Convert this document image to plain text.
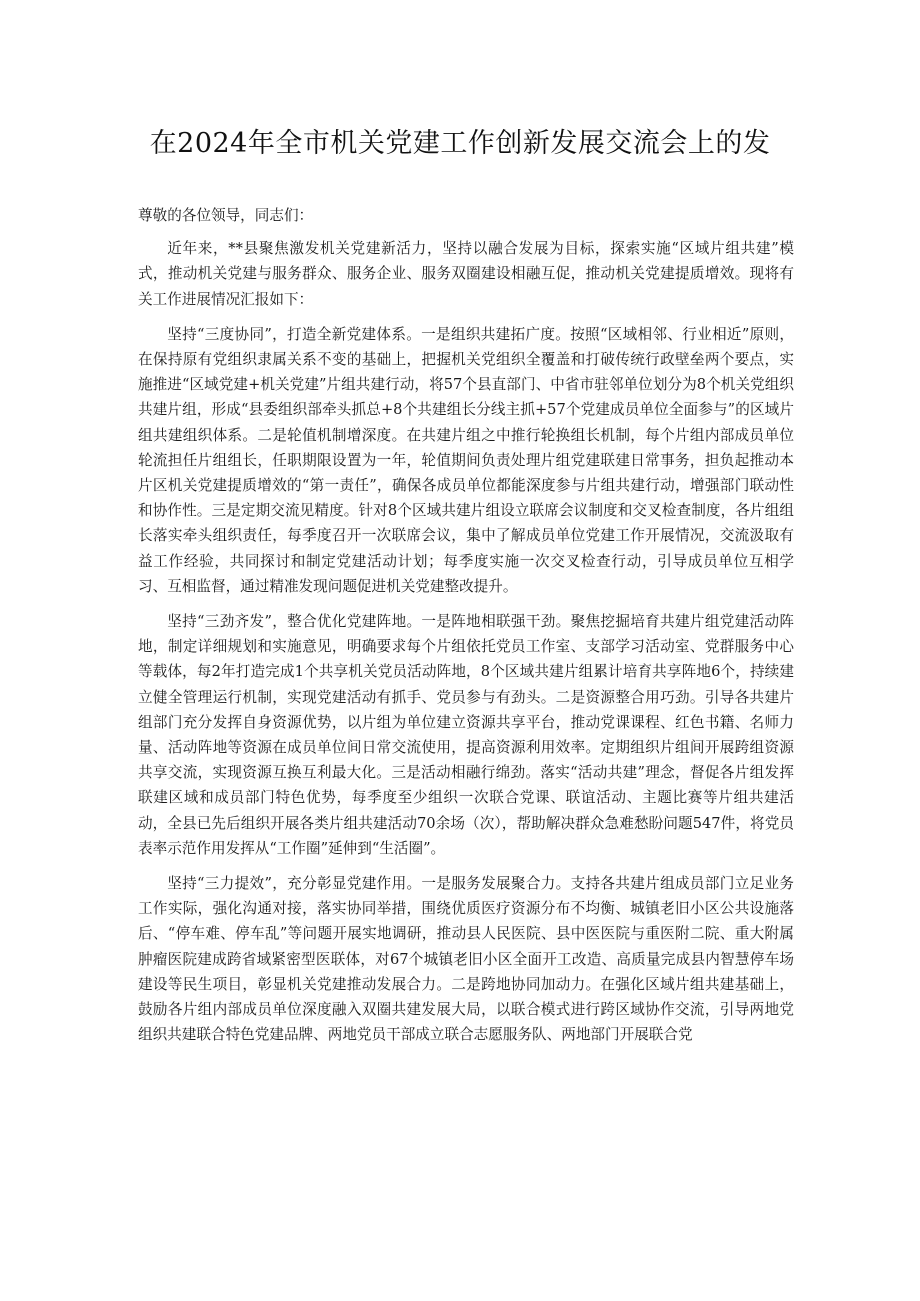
在2024年全市机关党建工作创新发展交流会上的发

尊敬的各位领导，同志们：

近年来，**县聚焦激发机关党建新活力，坚持以融合发展为目标，探索实施“区域片组共建”模式，推动机关党建与服务群众、服务企业、服务双圈建设相融互促，推动机关党建提质增效。现将有关工作进展情况汇报如下：

坚持“三度协同”，打造全新党建体系。一是组织共建拓广度。按照“区域相邻、行业相近”原则，在保持原有党组织隶属关系不变的基础上，把握机关党组织全覆盖和打破传统行政壁垒两个要点，实施推进“区域党建+机关党建”片组共建行动，将57个县直部门、中省市驻邻单位划分为8个机关党组织共建片组，形成“县委组织部牵头抓总+8个共建组长分线主抓+57个党建成员单位全面参与”的区域片组共建组织体系。二是轮值机制增深度。在共建片组之中推行轮换组长机制，每个片组内部成员单位轮流担任片组组长，任职期限设置为一年，轮值期间负责处理片组党建联建日常事务，担负起推动本片区机关党建提质增效的“第一责任”，确保各成员单位都能深度参与片组共建行动，增强部门联动性和协作性。三是定期交流见精度。针对8个区域共建片组设立联席会议制度和交叉检查制度，各片组组长落实牵头组织责任，每季度召开一次联席会议，集中了解成员单位党建工作开展情况，交流汲取有益工作经验，共同探讨和制定党建活动计划；每季度实施一次交叉检查行动，引导成员单位互相学习、互相监督，通过精准发现问题促进机关党建整改提升。

坚持“三劲齐发”，整合优化党建阵地。一是阵地相联强干劲。聚焦挖掘培育共建片组党建活动阵地，制定详细规划和实施意见，明确要求每个片组依托党员工作室、支部学习活动室、党群服务中心等载体，每2年打造完成1个共享机关党员活动阵地，8个区域共建片组累计培育共享阵地6个，持续建立健全管理运行机制，实现党建活动有抓手、党员参与有劲头。二是资源整合用巧劲。引导各共建片组部门充分发挥自身资源优势，以片组为单位建立资源共享平台，推动党课课程、红色书籍、名师力量、活动阵地等资源在成员单位间日常交流使用，提高资源利用效率。定期组织片组间开展跨组资源共享交流，实现资源互换互利最大化。三是活动相融行绵劲。落实“活动共建”理念，督促各片组发挥联建区域和成员部门特色优势，每季度至少组织一次联合党课、联谊活动、主题比赛等片组共建活动，全县已先后组织开展各类片组共建活动70余场（次），帮助解决群众急难愁盼问题547件，将党员表率示范作用发挥从“工作圈”延伸到“生活圈”。

坚持“三力提效”，充分彰显党建作用。一是服务发展聚合力。支持各共建片组成员部门立足业务工作实际，强化沟通对接，落实协同举措，围绕优质医疗资源分布不均衡、城镇老旧小区公共设施落后、“停车难、停车乱”等问题开展实地调研，推动县人民医院、县中医医院与重医附二院、重大附属肿瘤医院建成跨省域紧密型医联体，对67个城镇老旧小区全面开工改造、高质量完成县内智慧停车场建设等民生项目，彰显机关党建推动发展合力。二是跨地协同加动力。在强化区域片组共建基础上，鼓励各片组内部成员单位深度融入双圈共建发展大局，以联合模式进行跨区域协作交流，引导两地党组织共建联合特色党建品牌、两地党员干部成立联合志愿服务队、两地部门开展联合党
